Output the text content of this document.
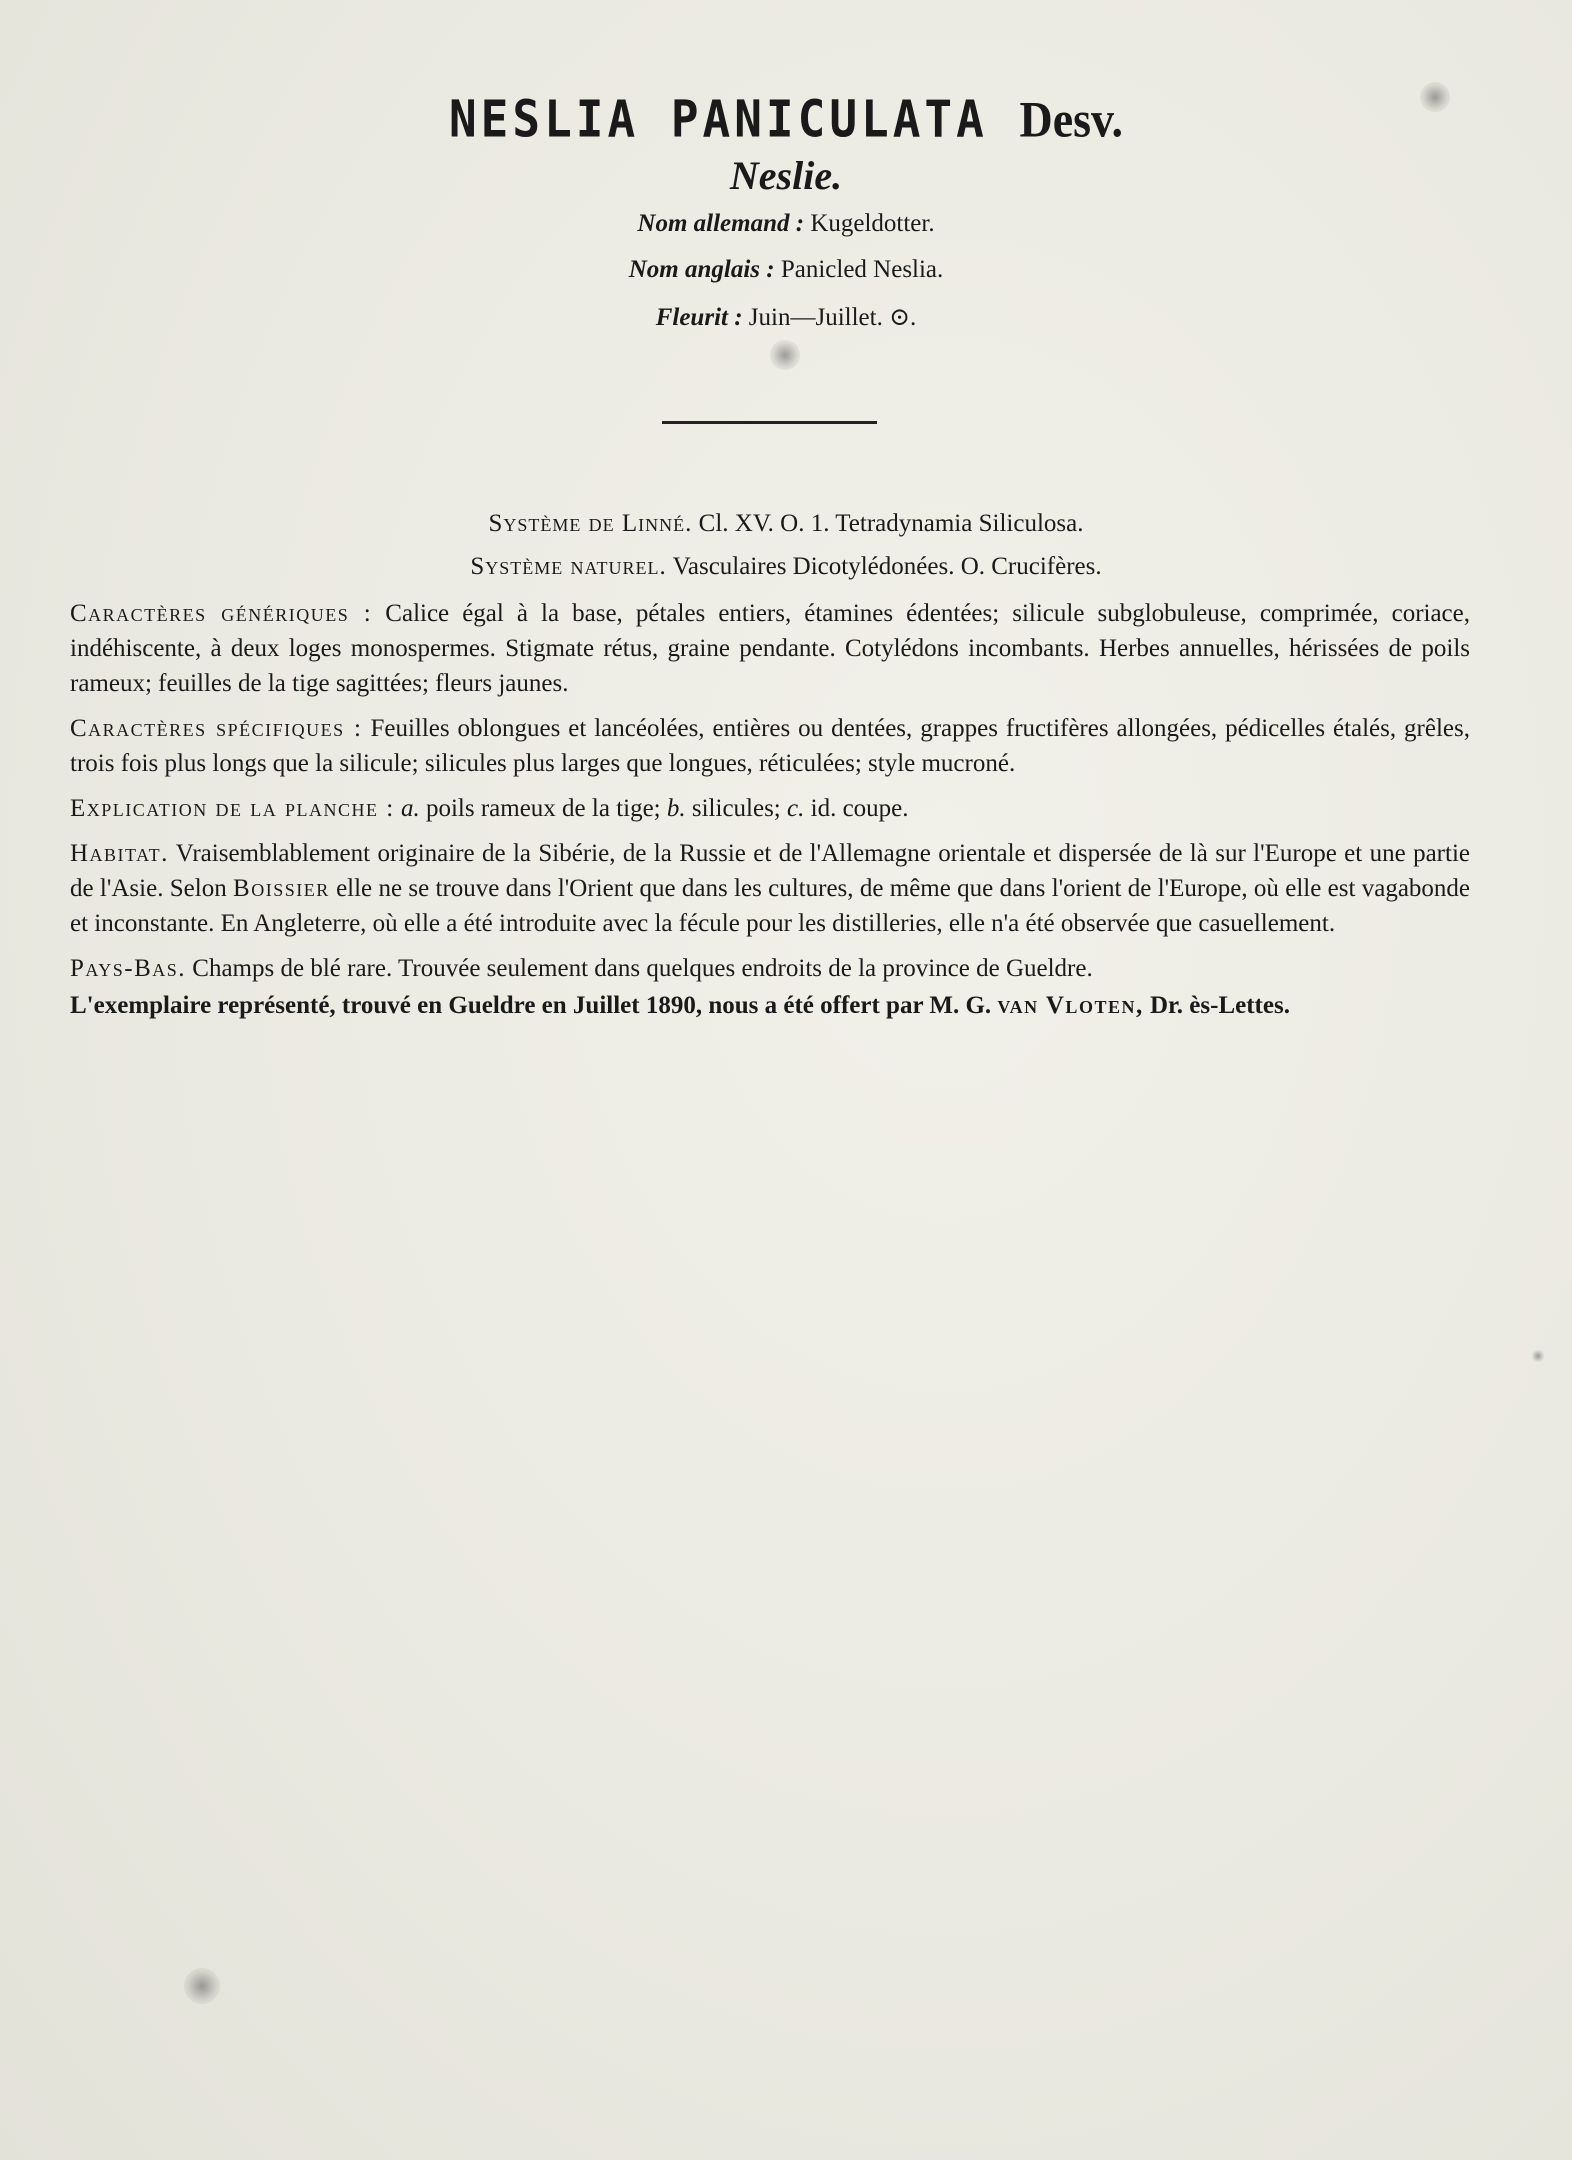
NESLIA PANICULATA Desv.
Neslie.
Nom allemand : Kugeldotter.
Nom anglais : Panicled Neslia.
Fleurit : Juin—Juillet. ⊙.
Système de Linné. Cl. XV. O. 1. Tetradynamia Siliculosa.
Système naturel. Vasculaires Dicotylédonées. O. Crucifères.

Caractères génériques : Calice égal à la base, pétales entiers, étamines édentées; silicule subglobuleuse, comprimée, coriace, indéhiscente, à deux loges monospermes. Stigmate rétus, graine pendante. Cotylédons incombants. Herbes annuelles, hérissées de poils rameux; feuilles de la tige sagittées; fleurs jaunes.

Caractères spécifiques : Feuilles oblongues et lancéolées, entières ou dentées, grappes fructifères allongées, pédicelles étalés, grêles, trois fois plus longs que la silicule; silicules plus larges que longues, réticulées; style mucroné.

Explication de la planche : a. poils rameux de la tige; b. silicules; c. id. coupe.

Habitat. Vraisemblablement originaire de la Sibérie, de la Russie et de l'Allemagne orientale et dispersée de là sur l'Europe et une partie de l'Asie. Selon Boissier elle ne se trouve dans l'Orient que dans les cultures, de même que dans l'orient de l'Europe, où elle est vagabonde et inconstante. En Angleterre, où elle a été introduite avec la fécule pour les distilleries, elle n'a été observée que casuellement.

Pays-Bas. Champs de blé rare. Trouvée seulement dans quelques endroits de la province de Gueldre.

L'exemplaire représenté, trouvé en Gueldre en Juillet 1890, nous a été offert par M. G. van Vloten, Dr. ès-Lettes.
